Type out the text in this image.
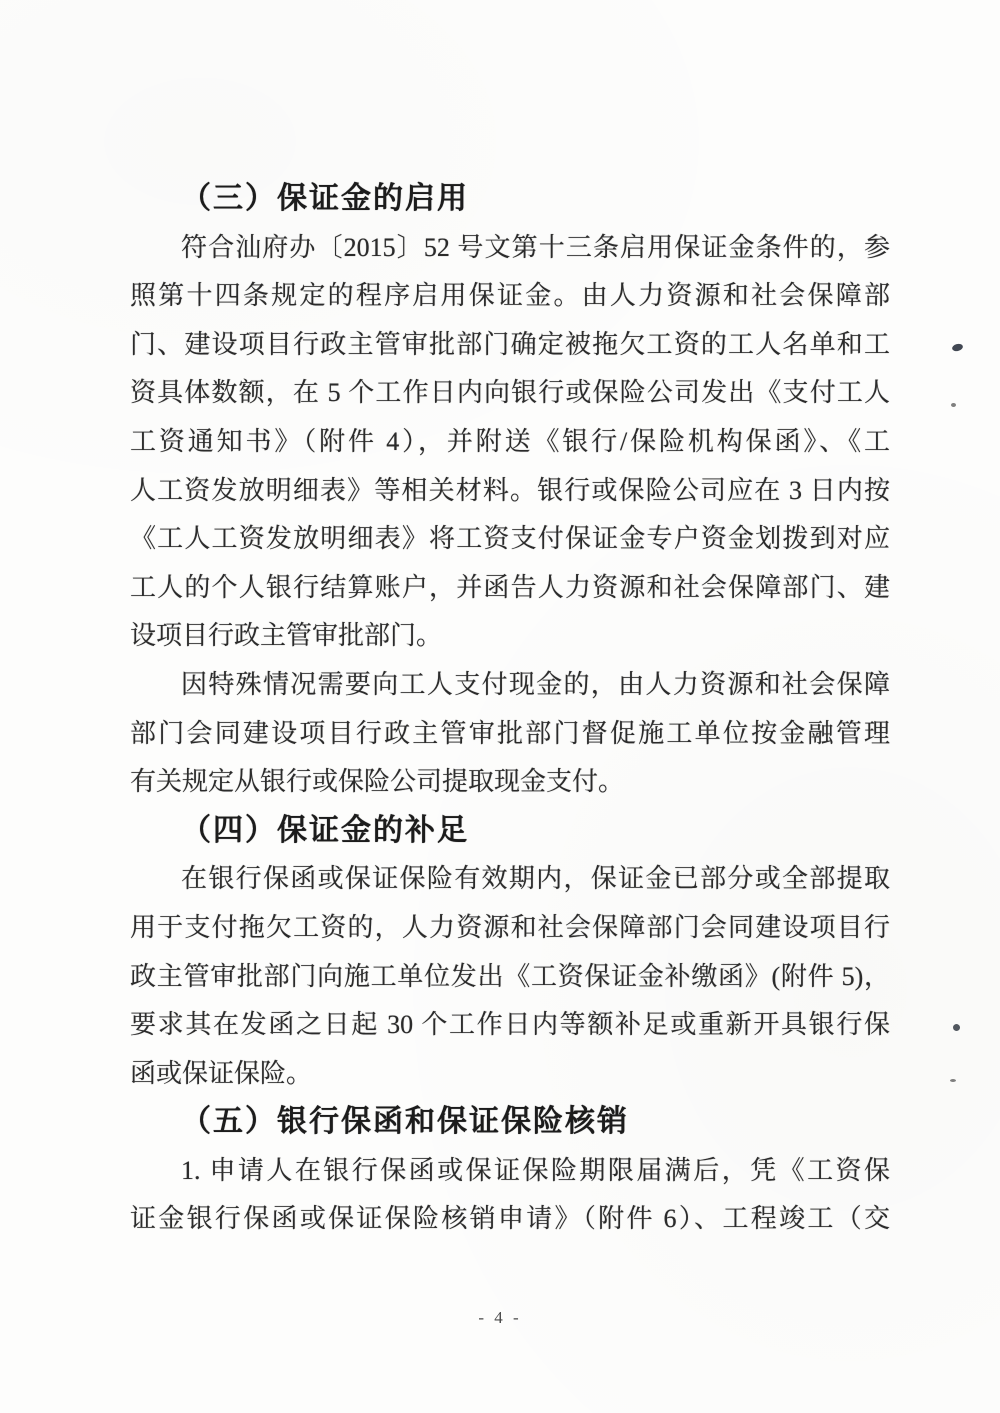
（三）保证金的启用
符合汕府办〔2015〕52 号文第十三条启用保证金条件的，参
照第十四条规定的程序启用保证金。由人力资源和社会保障部
门、建设项目行政主管审批部门确定被拖欠工资的工人名单和工
资具体数额，在 5 个工作日内向银行或保险公司发出《支付工人
工资通知书》（附件 4），并附送《银行/保险机构保函》、《工
人工资发放明细表》等相关材料。银行或保险公司应在 3 日内按
《工人工资发放明细表》将工资支付保证金专户资金划拨到对应
工人的个人银行结算账户，并函告人力资源和社会保障部门、建
设项目行政主管审批部门。
因特殊情况需要向工人支付现金的，由人力资源和社会保障
部门会同建设项目行政主管审批部门督促施工单位按金融管理
有关规定从银行或保险公司提取现金支付。
（四）保证金的补足
在银行保函或保证保险有效期内，保证金已部分或全部提取
用于支付拖欠工资的，人力资源和社会保障部门会同建设项目行
政主管审批部门向施工单位发出《工资保证金补缴函》(附件 5)，
要求其在发函之日起 30 个工作日内等额补足或重新开具银行保
函或保证保险。
（五）银行保函和保证保险核销
1. 申请人在银行保函或保证保险期限届满后，凭《工资保
证金银行保函或保证保险核销申请》（附件 6）、工程竣工（交
- 4 -
